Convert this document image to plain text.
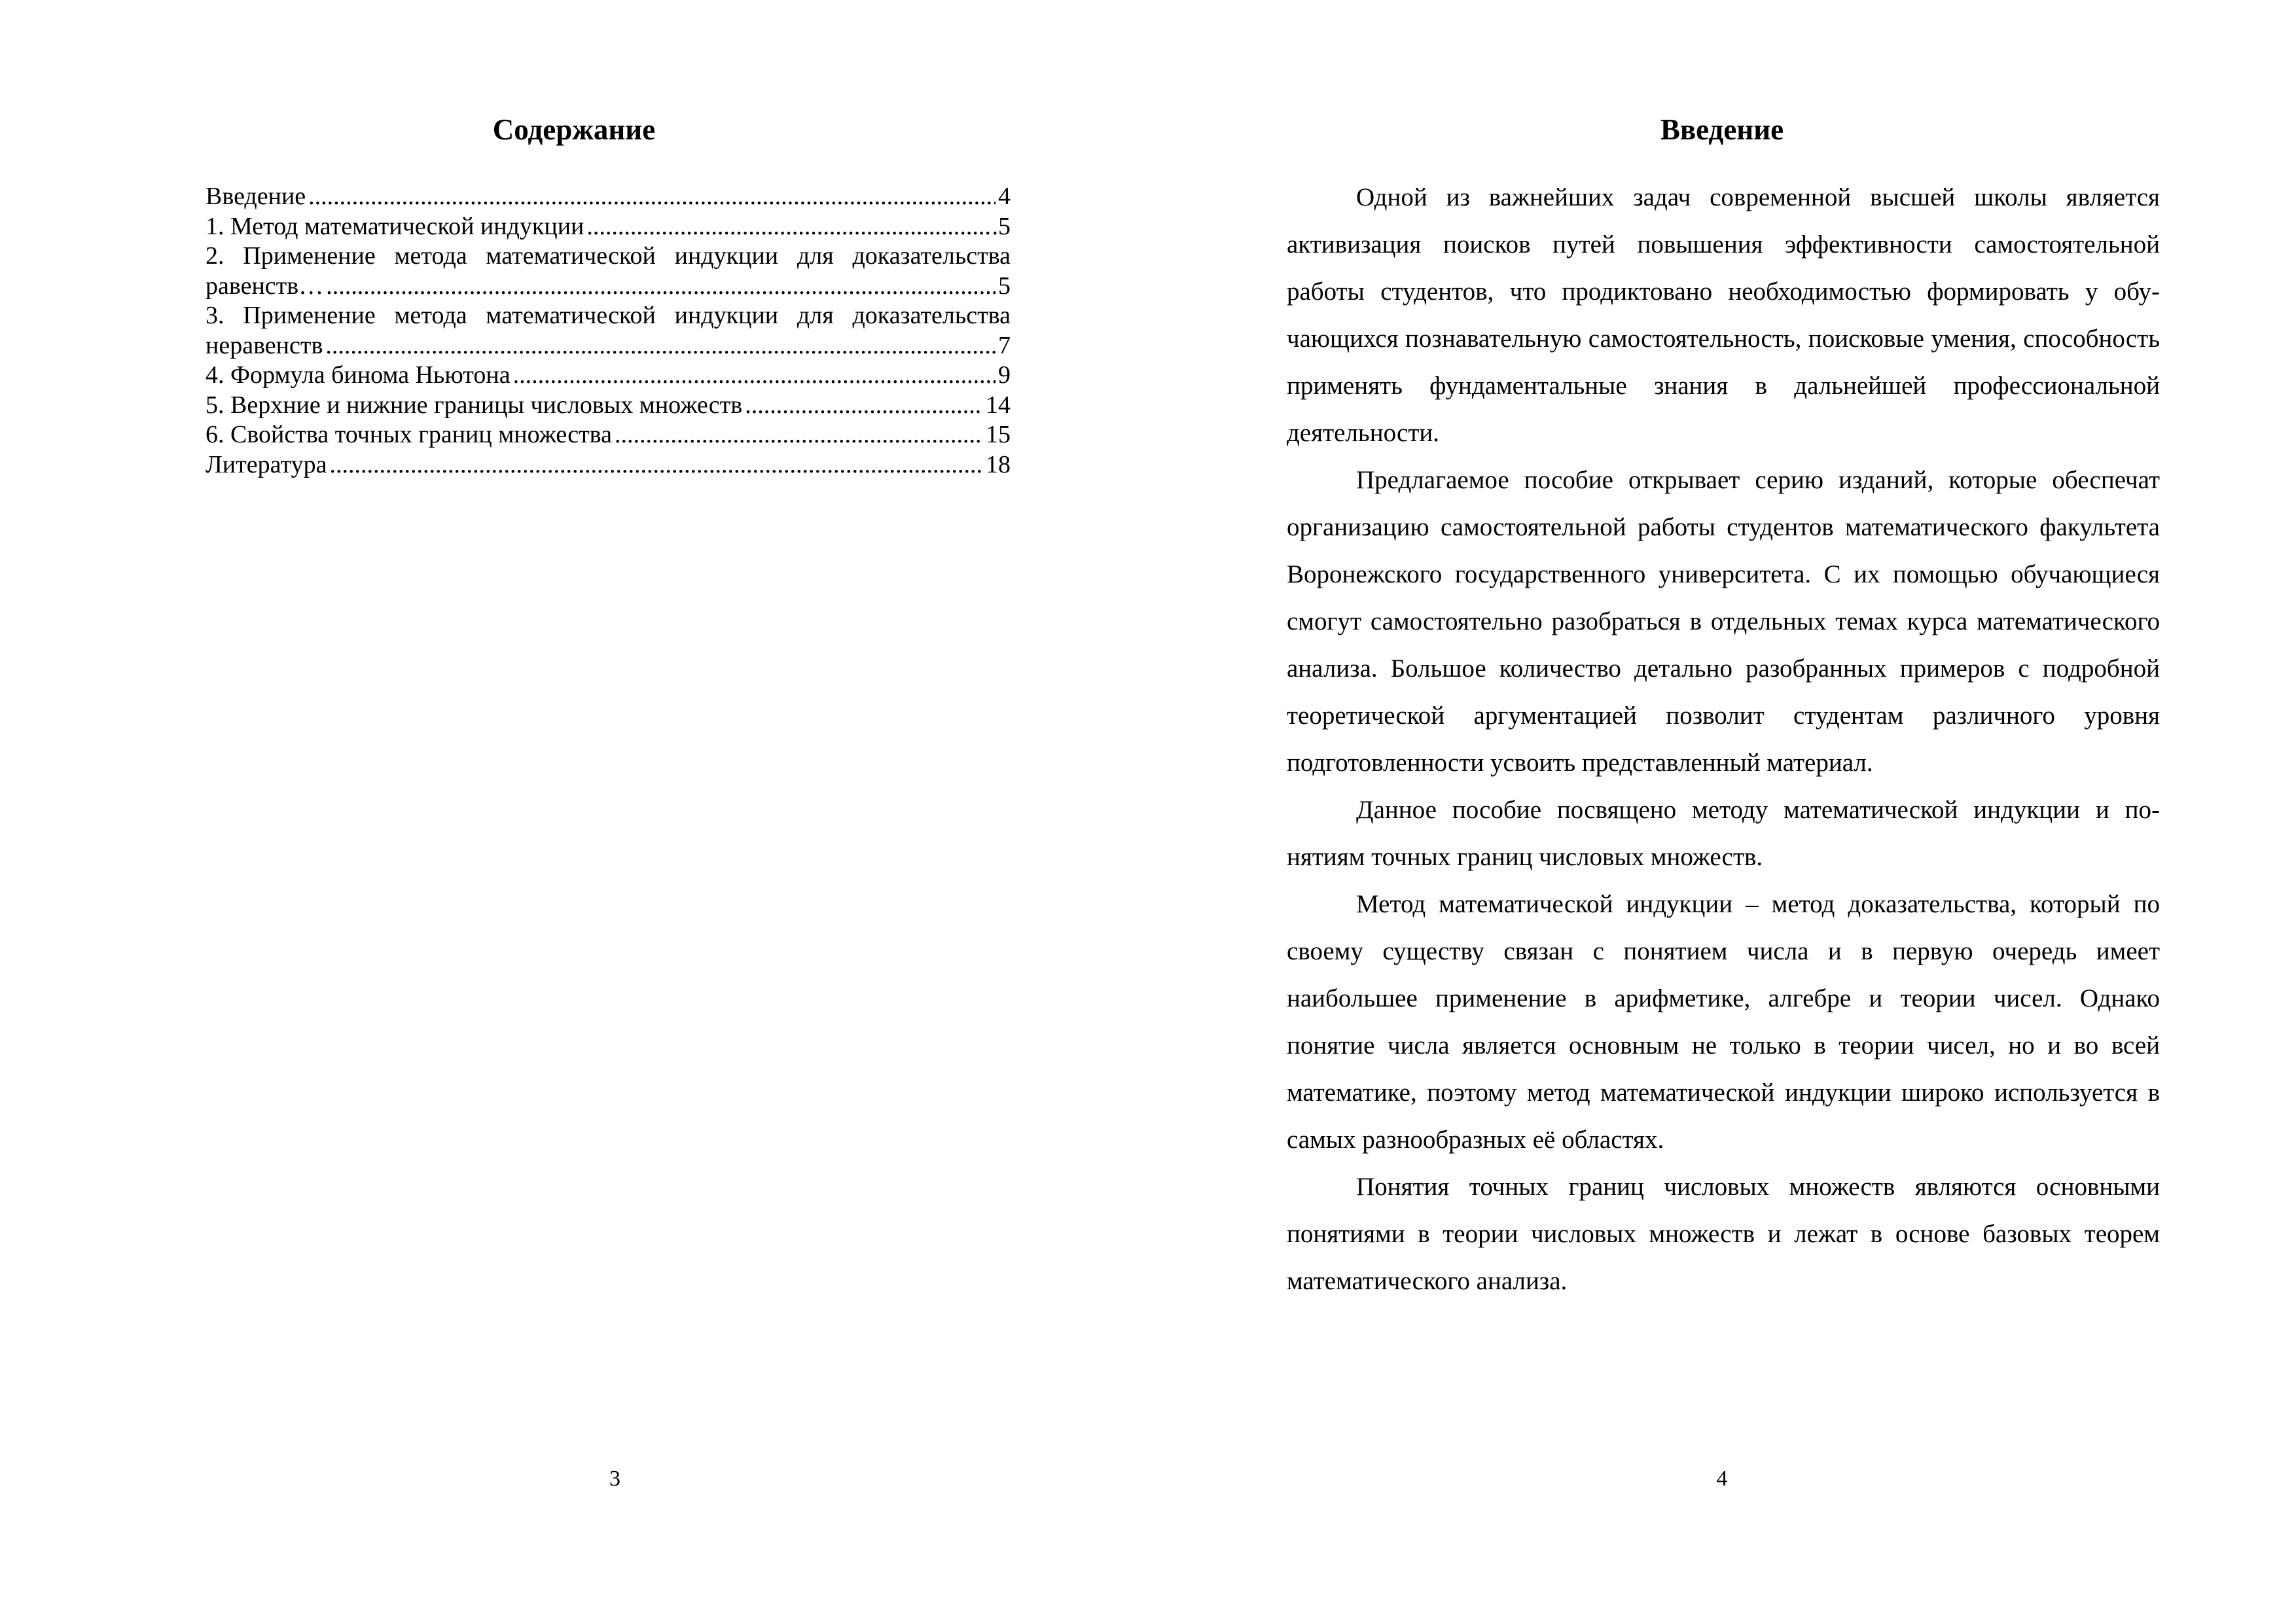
Содержание
Введение .....	4
1. Метод математической индукции .....	.5
2. Применение метода математической индукции для доказательства
равенств… .....	5
3. Применение метода математической индукции для доказательства
неравенств .....	7
4. Формула бинома Ньютона .....	9
5. Верхние и нижние границы числовых множеств .....	14
6. Свойства точных границ множества .....	15
Литература .....	18
3
Введение

Одной из важнейших задач современной высшей школы является активизация поисков путей повышения эффективности самостоятельной работы студентов, что продиктовано необходимостью формировать у обучающихся познавательную самостоятельность, поисковые умения, способность применять фундаментальные знания в дальнейшей профессиональной деятельности.

Предлагаемое пособие открывает серию изданий, которые обеспечат организацию самостоятельной работы студентов математического факультета Воронежского государственного университета. С их помощью обучающиеся смогут самостоятельно разобраться в отдельных темах курса математического анализа. Большое количество детально разобранных примеров с подробной теоретической аргументацией позволит студентам различного уровня подготовленности усвоить представленный материал.

Данное пособие посвящено методу математической индукции и понятиям точных границ числовых множеств.

Метод математической индукции – метод доказательства, который по своему существу связан с понятием числа и в первую очередь имеет наибольшее применение в арифметике, алгебре и теории чисел. Однако понятие числа является основным не только в теории чисел, но и во всей математике, поэтому метод математической индукции широко используется в самых разнообразных её областях.

Понятия точных границ числовых множеств являются основными понятиями в теории числовых множеств и лежат в основе базовых теорем математического анализа.

4
